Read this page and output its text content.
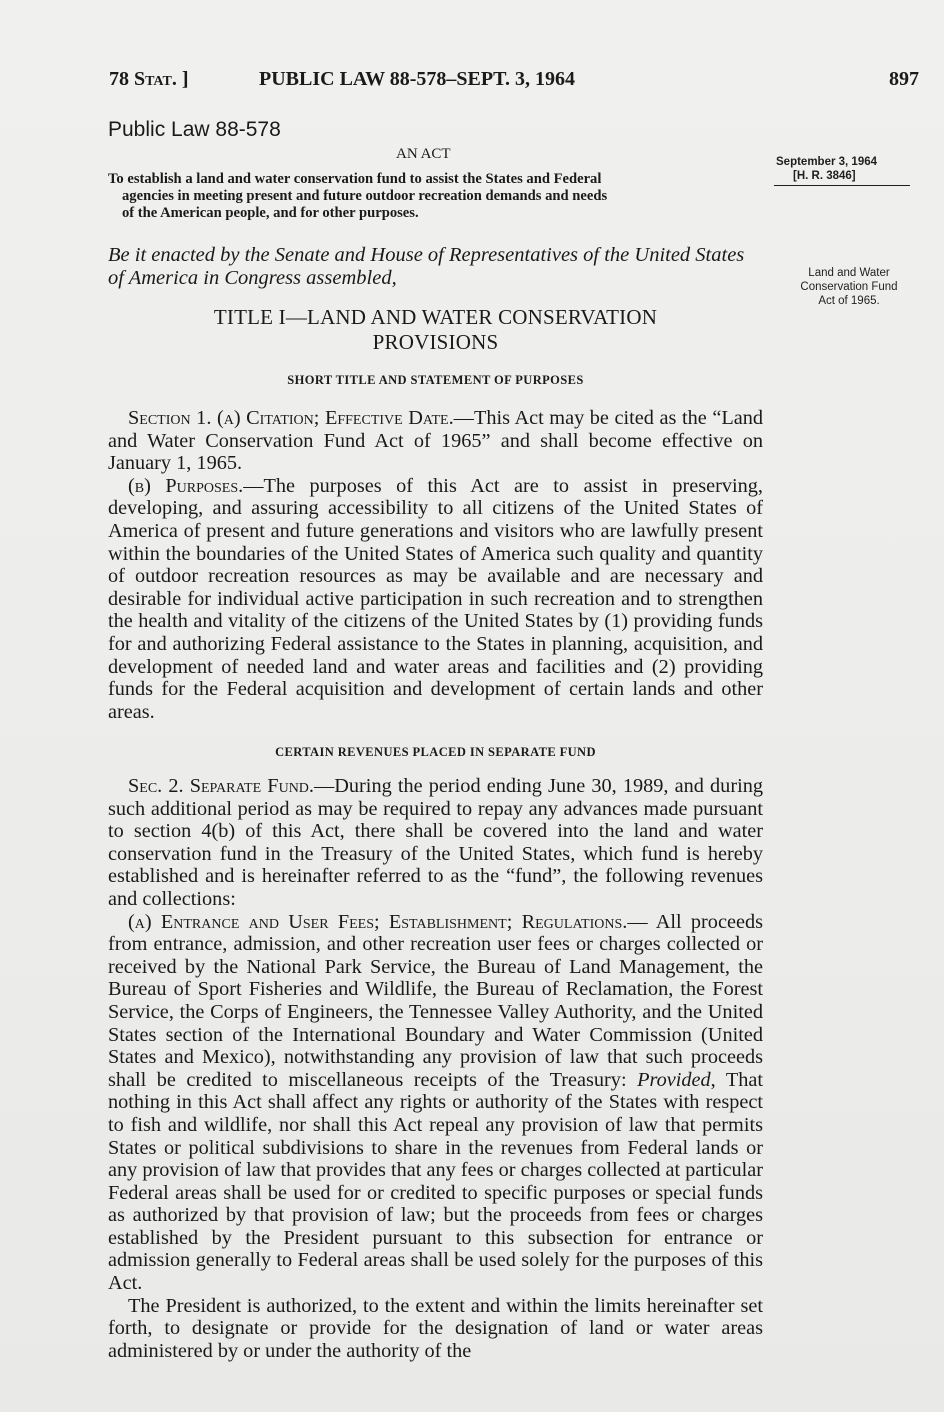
78 Stat. ]	PUBLIC LAW 88-578–SEPT. 3, 1964	897
Public Law 88-578
AN ACT
To establish a land and water conservation fund to assist the States and Federal

agencies in meeting present and future outdoor recreation demands and needs
of the American people, and for other purposes.
September 3, 1964
[H. R. 3846]
Land and Water
Conservation Fund
Act of 1965.
Be it enacted by the Senate and House of Representatives of the United States of America in Congress assembled,
TITLE I—LAND AND WATER CONSERVATION
PROVISIONS
SHORT TITLE AND STATEMENT OF PURPOSES

Section 1. (a) Citation; Effective Date.—This Act may be cited as the “Land and Water Conservation Fund Act of 1965” and shall become effective on January 1, 1965.

(b) Purposes.—The purposes of this Act are to assist in preserving, developing, and assuring accessibility to all citizens of the United States of America of present and future generations and visitors who are lawfully present within the boundaries of the United States of America such quality and quantity of outdoor recreation resources as may be available and are necessary and desirable for individual active participation in such recreation and to strengthen the health and vitality of the citizens of the United States by (1) providing funds for and authorizing Federal assistance to the States in planning, acquisition, and development of needed land and water areas and facilities and (2) providing funds for the Federal acquisition and development of certain lands and other areas.

CERTAIN REVENUES PLACED IN SEPARATE FUND

Sec. 2. Separate Fund.—During the period ending June 30, 1989, and during such additional period as may be required to repay any advances made pursuant to section 4(b) of this Act, there shall be covered into the land and water conservation fund in the Treasury of the United States, which fund is hereby established and is hereinafter referred to as the “fund”, the following revenues and collections:

(a) Entrance and User Fees; Establishment; Regulations.— All proceeds from entrance, admission, and other recreation user fees or charges collected or received by the National Park Service, the Bureau of Land Management, the Bureau of Sport Fisheries and Wildlife, the Bureau of Reclamation, the Forest Service, the Corps of Engineers, the Tennessee Valley Authority, and the United States section of the International Boundary and Water Commission (United States and Mexico), notwithstanding any provision of law that such proceeds shall be credited to miscellaneous receipts of the Treasury: Provided, That nothing in this Act shall affect any rights or authority of the States with respect to fish and wildlife, nor shall this Act repeal any provision of law that permits States or political subdivisions to share in the revenues from Federal lands or any provision of law that provides that any fees or charges collected at particular Federal areas shall be used for or credited to specific purposes or special funds as authorized by that provision of law; but the proceeds from fees or charges established by the President pursuant to this subsection for entrance or admission generally to Federal areas shall be used solely for the purposes of this Act.

The President is authorized, to the extent and within the limits hereinafter set forth, to designate or provide for the designation of land or water areas administered by or under the authority of the
